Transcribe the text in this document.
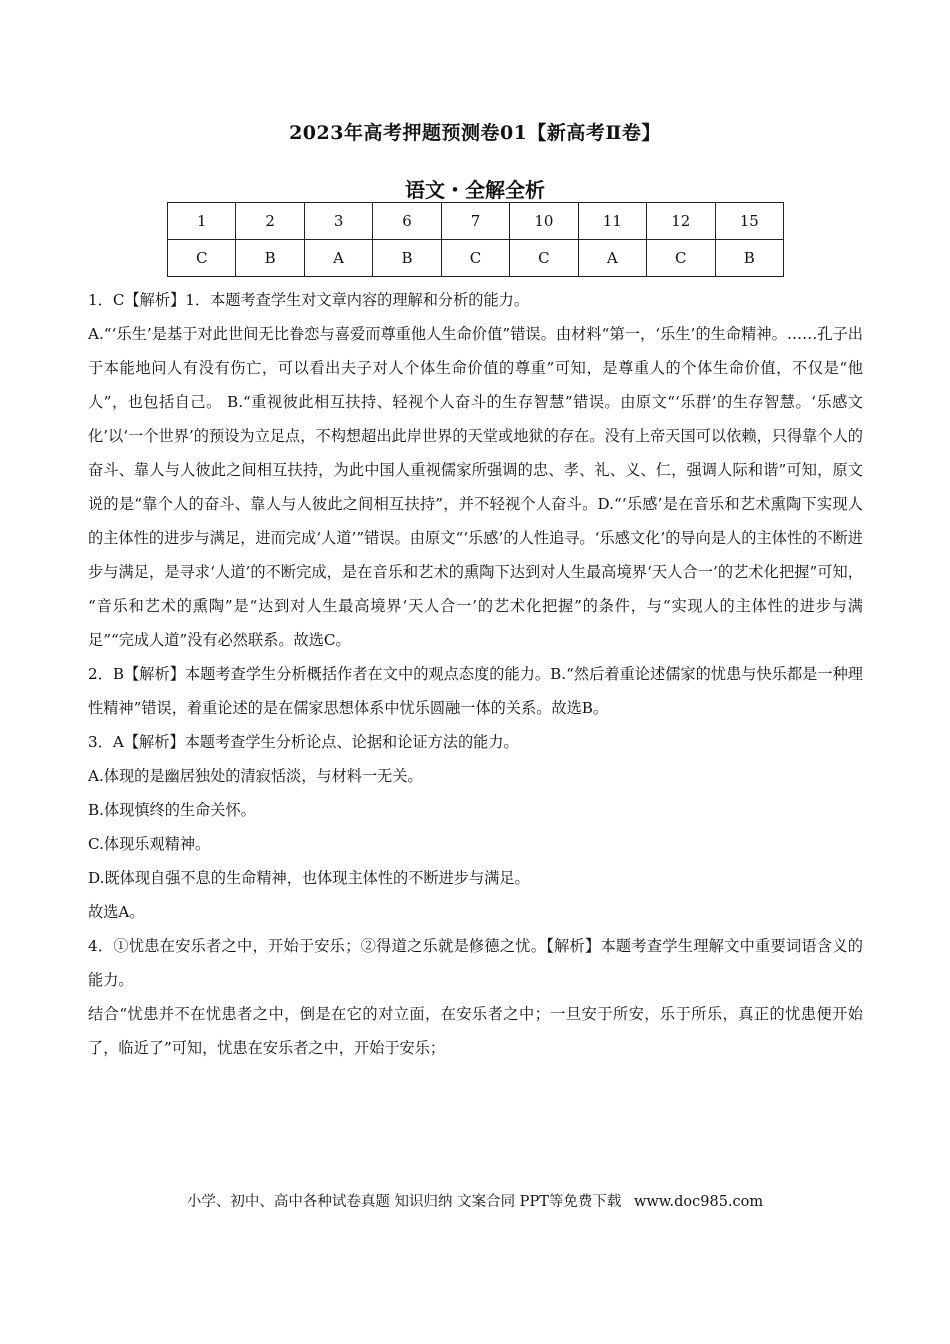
2023年高考押题预测卷01【新高考Ⅱ卷】
语文・全解全析
1	2	3	6	7	10	11	12	15
C	B	A	B	C	C	A	C	B

1．C【解析】1．本题考查学生对文章内容的理解和分析的能力。

A.“‘乐生’是基于对此世间无比眷恋与喜爱而尊重他人生命价值”错误。由材料“第一，‘乐生’的生命精神。……孔子出于本能地问人有没有伤亡，可以看出夫子对人个体生命价值的尊重”可知，是尊重人的个体生命价值，不仅是“他人”，也包括自己。 B.“重视彼此相互扶持、轻视个人奋斗的生存智慧”错误。由原文“‘乐群’的生存智慧。‘乐感文化’以‘一个世界’的预设为立足点，不构想超出此岸世界的天堂或地狱的存在。没有上帝天国可以依赖，只得靠个人的奋斗、靠人与人彼此之间相互扶持，为此中国人重视儒家所强调的忠、孝、礼、义、仁，强调人际和谐”可知，原文说的是“靠个人的奋斗、靠人与人彼此之间相互扶持”，并不轻视个人奋斗。D.“‘乐感’是在音乐和艺术熏陶下实现人的主体性的进步与满足，进而完成‘人道’”错误。由原文“‘乐感’的人性追寻。‘乐感文化’的导向是人的主体性的不断进步与满足，是寻求‘人道’的不断完成，是在音乐和艺术的熏陶下达到对人生最高境界‘天人合一’的艺术化把握”可知， “音乐和艺术的熏陶”是“达到对人生最高境界‘天人合一’的艺术化把握”的条件，与“实现人的主体性的进步与满足”“完成人道”没有必然联系。故选C。

2．B【解析】本题考查学生分析概括作者在文中的观点态度的能力。B.“然后着重论述儒家的忧患与快乐都是一种理性精神”错误，着重论述的是在儒家思想体系中忧乐圆融一体的关系。故选B。

3．A【解析】本题考查学生分析论点、论据和论证方法的能力。

A.体现的是幽居独处的清寂恬淡，与材料一无关。

B.体现慎终的生命关怀。

C.体现乐观精神。

D.既体现自强不息的生命精神，也体现主体性的不断进步与满足。

故选A。

4．①忧患在安乐者之中，开始于安乐；②得道之乐就是修德之忧。【解析】本题考查学生理解文中重要词语含义的能力。

结合“忧患并不在忧患者之中，倒是在它的对立面，在安乐者之中；一旦安于所安，乐于所乐，真正的忧患便开始了，临近了”可知，忧患在安乐者之中，开始于安乐；

小学、初中、高中各种试卷真题 知识归纳 文案合同 PPT等免费下载 www.doc985.com
